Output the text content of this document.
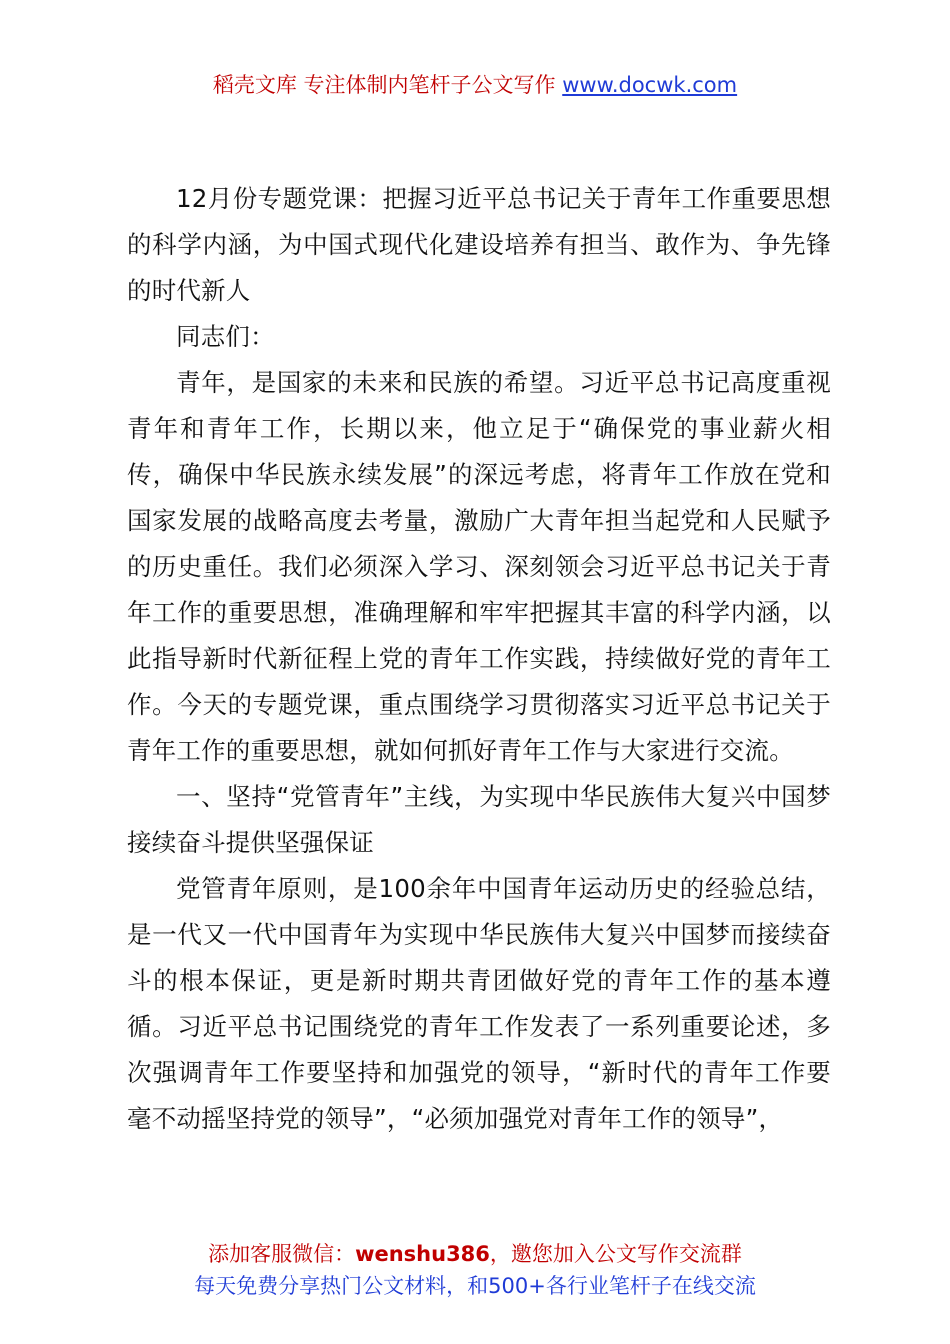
稻壳文库 专注体制内笔杆子公文写作 www.docwk.com

12月份专题党课：把握习近平总书记关于青年工作重要思想的科学内涵，为中国式现代化建设培养有担当、敢作为、争先锋的时代新人

同志们：

青年，是国家的未来和民族的希望。习近平总书记高度重视青年和青年工作，长期以来，他立足于“确保党的事业薪火相传，确保中华民族永续发展”的深远考虑，将青年工作放在党和国家发展的战略高度去考量，激励广大青年担当起党和人民赋予的历史重任。我们必须深入学习、深刻领会习近平总书记关于青年工作的重要思想，准确理解和牢牢把握其丰富的科学内涵，以此指导新时代新征程上党的青年工作实践，持续做好党的青年工作。今天的专题党课，重点围绕学习贯彻落实习近平总书记关于青年工作的重要思想，就如何抓好青年工作与大家进行交流。

一、坚持“党管青年”主线，为实现中华民族伟大复兴中国梦接续奋斗提供坚强保证

党管青年原则，是100余年中国青年运动历史的经验总结，是一代又一代中国青年为实现中华民族伟大复兴中国梦而接续奋斗的根本保证，更是新时期共青团做好党的青年工作的基本遵循。习近平总书记围绕党的青年工作发表了一系列重要论述，多次强调青年工作要坚持和加强党的领导，“新时代的青年工作要毫不动摇坚持党的领导”，“必须加强党对青年工作的领导”，

添加客服微信：wenshu386，邀您加入公文写作交流群
每天免费分享热门公文材料，和500+各行业笔杆子在线交流
